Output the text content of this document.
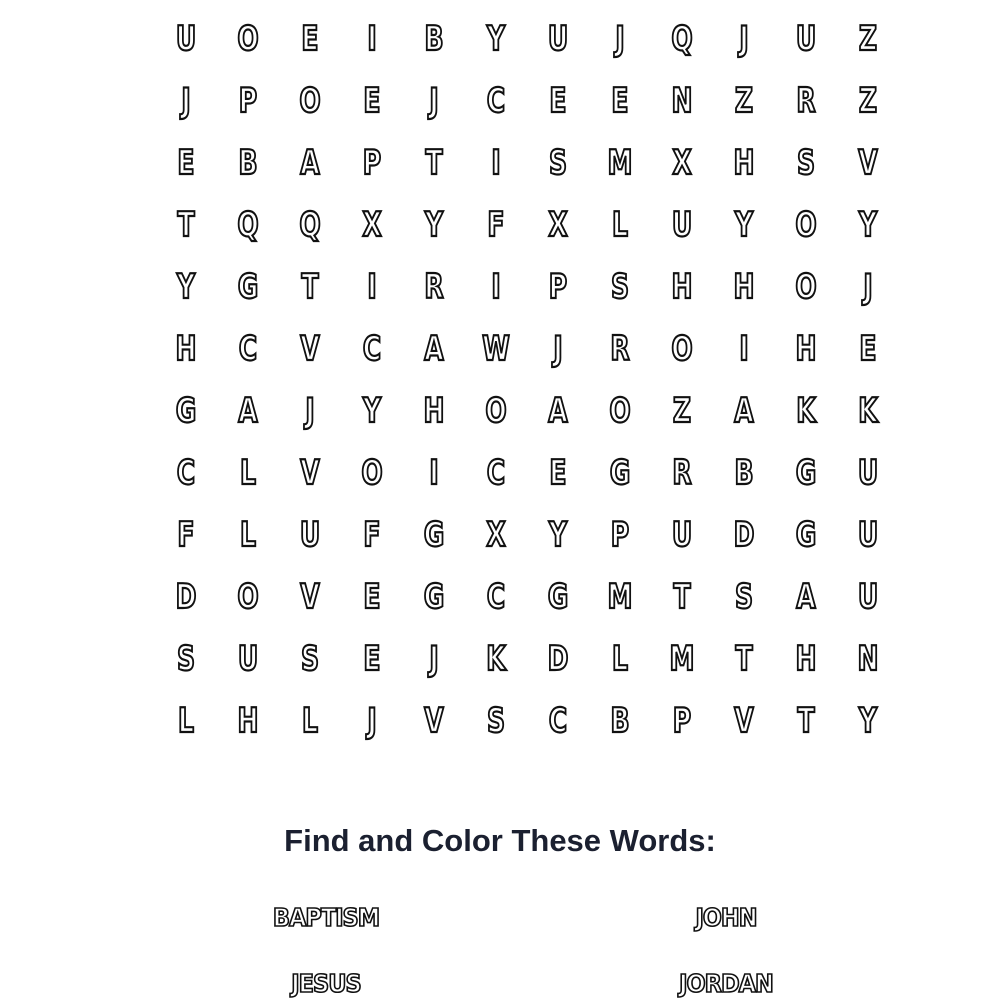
U	O	E	I	B	Y	U	J	Q	J	U	Z
J	P	O	E	J	C	E	E	N	Z	R	Z
E	B	A	P	T	I	S	M	X	H	S	V
T	Q	Q	X	Y	F	X	L	U	Y	O	Y
Y	G	T	I	R	I	P	S	H	H	O	J
H	C	V	C	A	W	J	R	O	I	H	E
G	A	J	Y	H	O	A	O	Z	A	K	K
C	L	V	O	I	C	E	G	R	B	G	U
F	L	U	F	G	X	Y	P	U	D	G	U
D	O	V	E	G	C	G	M	T	S	A	U
S	U	S	E	J	K	D	L	M	T	H	N
L	H	L	J	V	S	C	B	P	V	T	Y
Find and Color These Words:
BAPTISM	JOHN
JESUS	JORDAN
